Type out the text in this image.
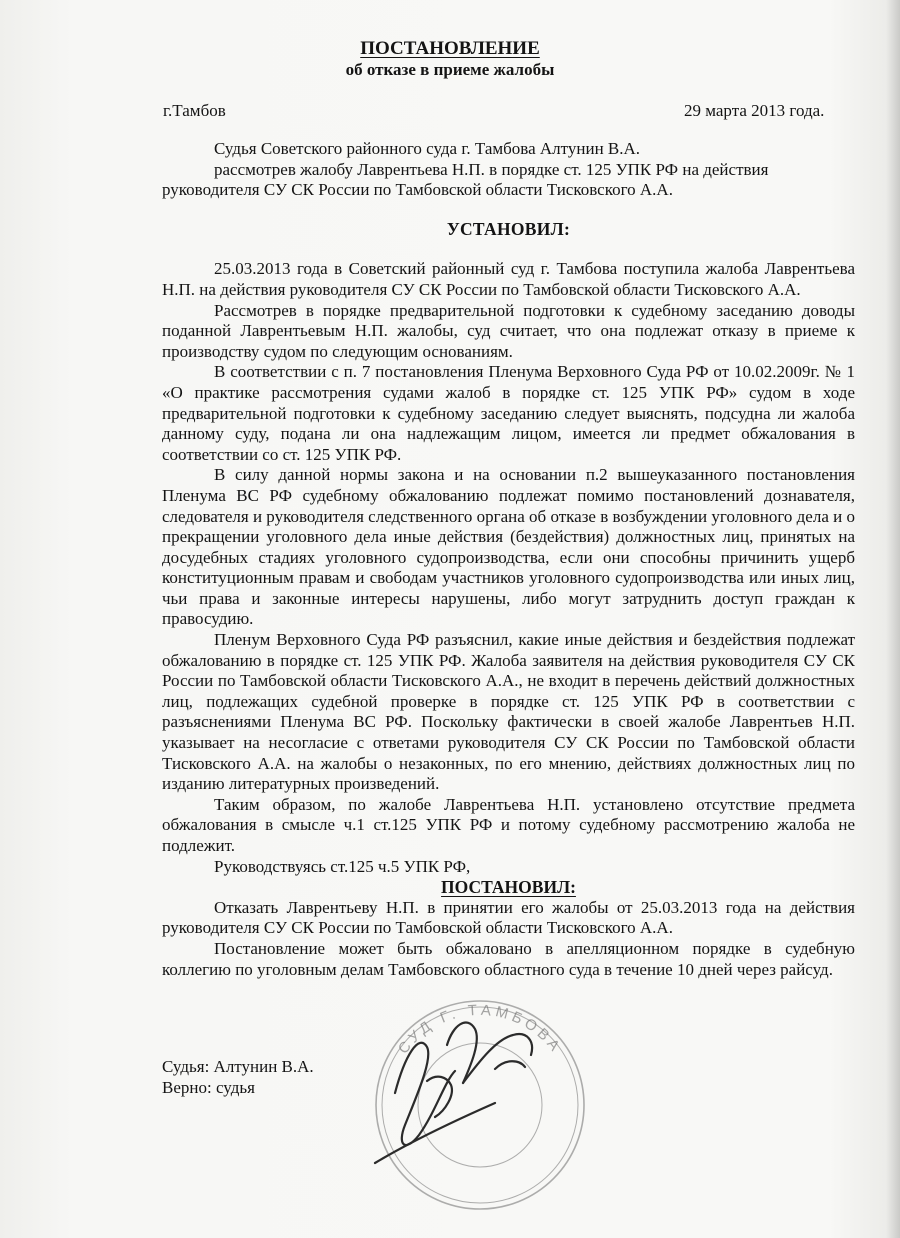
ПОСТАНОВЛЕНИЕ

об отказе в приеме жалобы

г.Тамбов	29 марта 2013 года.

Судья Советского районного суда г. Тамбова Алтунин В.А.

рассмотрев жалобу Лаврентьева Н.П. в порядке ст. 125 УПК РФ на действия

руководителя СУ СК России по Тамбовской области Тисковского А.А.

УСТАНОВИЛ:

25.03.2013 года в Советский районный суд г. Тамбова поступила жалоба Лаврентьева Н.П. на действия руководителя СУ СК России по Тамбовской области Тисковского А.А.

Рассмотрев в порядке предварительной подготовки к судебному заседанию доводы поданной Лаврентьевым Н.П. жалобы, суд считает, что она подлежат отказу в приеме к производству судом по следующим основаниям.

В соответствии с п. 7 постановления Пленума Верховного Суда РФ от 10.02.2009г. № 1 «О практике рассмотрения судами жалоб в порядке ст. 125 УПК РФ» судом в ходе предварительной подготовки к судебному заседанию следует выяснять, подсудна ли жалоба данному суду, подана ли она надлежащим лицом, имеется ли предмет обжалования в соответствии со ст. 125 УПК РФ.

В силу данной нормы закона и на основании п.2 вышеуказанного постановления Пленума ВС РФ судебному обжалованию подлежат помимо постановлений дознавателя, следователя и руководителя следственного органа об отказе в возбуждении уголовного дела и о прекращении уголовного дела иные действия (бездействия) должностных лиц, принятых на досудебных стадиях уголовного судопроизводства, если они способны причинить ущерб конституционным правам и свободам участников уголовного судопроизводства или иных лиц, чьи права и законные интересы нарушены, либо могут затруднить доступ граждан к правосудию.

Пленум Верховного Суда РФ разъяснил, какие иные действия и бездействия подлежат обжалованию в порядке ст. 125 УПК РФ. Жалоба заявителя на действия руководителя СУ СК России по Тамбовской области Тисковского А.А., не входит в перечень действий должностных лиц, подлежащих судебной проверке в порядке ст. 125 УПК РФ в соответствии с разъяснениями Пленума ВС РФ. Поскольку фактически в своей жалобе Лаврентьев Н.П. указывает на несогласие с ответами руководителя СУ СК России по Тамбовской области Тисковского А.А. на жалобы о незаконных, по его мнению, действиях должностных лиц по изданию литературных произведений.

Таким образом, по жалобе Лаврентьева Н.П. установлено отсутствие предмета обжалования в смысле ч.1 ст.125 УПК РФ и потому судебному рассмотрению жалоба не подлежит.

Руководствуясь ст.125 ч.5 УПК РФ,

ПОСТАНОВИЛ:

Отказать Лаврентьеву Н.П. в принятии его жалобы от 25.03.2013 года на действия руководителя СУ СК России по Тамбовской области Тисковского А.А.

Постановление может быть обжаловано в апелляционном порядке в судебную коллегию по уголовным делам Тамбовского областного суда в течение 10 дней через райсуд.

Судья: Алтунин В.А.

Верно: судья

СУД Г. ТАМБОВА
